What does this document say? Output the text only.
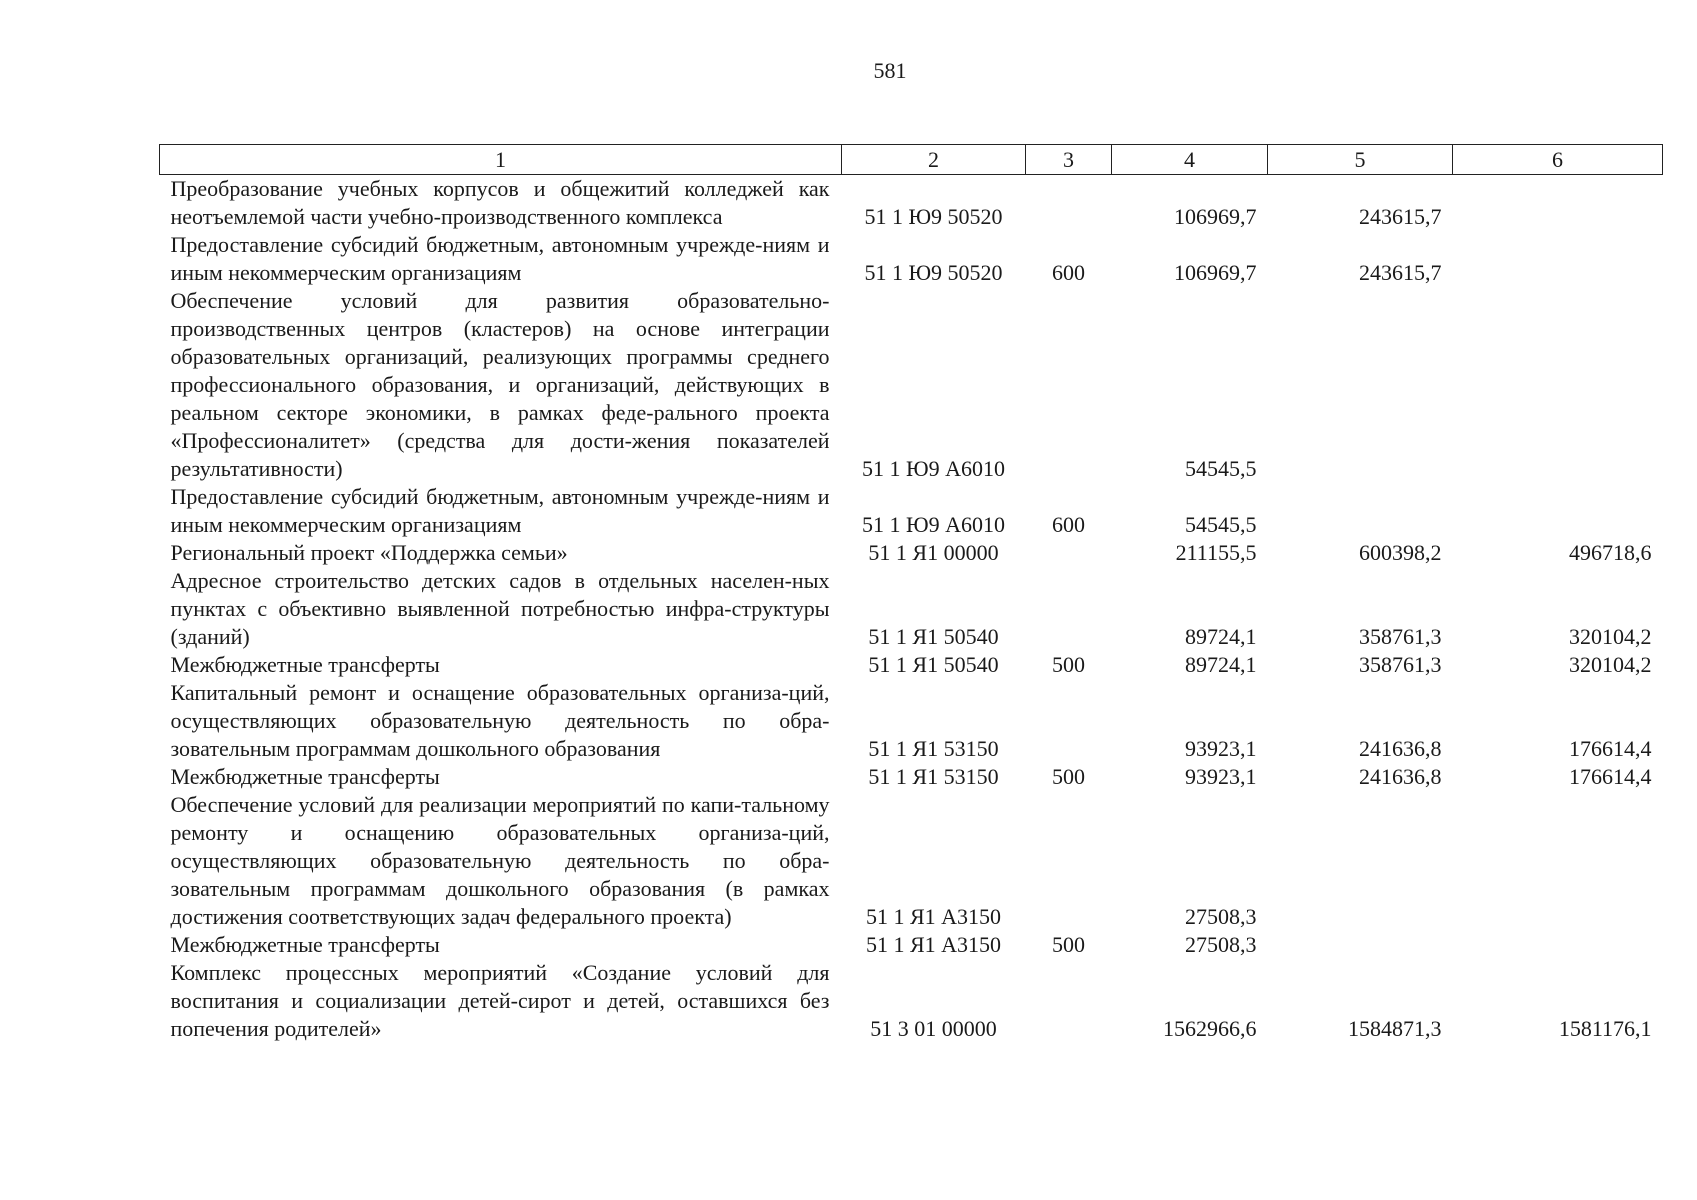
581
1	2	3	4	5	6
Преобразование учебных корпусов и общежитий колледжей как неотъемлемой части учебно-производственного комплекса	51 1 Ю9 50520		106969,7	243615,7	
Предоставление субсидий бюджетным, автономным учрежде-ниям и иным некоммерческим организациям	51 1 Ю9 50520	600	106969,7	243615,7	
Обеспечение условий для развития образовательно-производственных центров (кластеров) на основе интеграции образовательных организаций, реализующих программы среднего профессионального образования, и организаций, действующих в реальном секторе экономики, в рамках феде-рального проекта «Профессионалитет» (средства для дости-жения показателей результативности)	51 1 Ю9 А6010		54545,5		
Предоставление субсидий бюджетным, автономным учрежде-ниям и иным некоммерческим организациям	51 1 Ю9 А6010	600	54545,5		
Региональный проект «Поддержка семьи»	51 1 Я1 00000		211155,5	600398,2	496718,6
Адресное строительство детских садов в отдельных населен-ных пунктах с объективно выявленной потребностью инфра-структуры (зданий)	51 1 Я1 50540		89724,1	358761,3	320104,2
Межбюджетные трансферты	51 1 Я1 50540	500	89724,1	358761,3	320104,2
Капитальный ремонт и оснащение образовательных организа-ций, осуществляющих образовательную деятельность по обра-зовательным программам дошкольного образования	51 1 Я1 53150		93923,1	241636,8	176614,4
Межбюджетные трансферты	51 1 Я1 53150	500	93923,1	241636,8	176614,4
Обеспечение условий для реализации мероприятий по капи-тальному ремонту и оснащению образовательных организа-ций, осуществляющих образовательную деятельность по обра-зовательным программам дошкольного образования (в рамках достижения соответствующих задач федерального проекта)	51 1 Я1 А3150		27508,3		
Межбюджетные трансферты	51 1 Я1 А3150	500	27508,3		
Комплекс процессных мероприятий «Создание условий для воспитания и социализации детей-сирот и детей, оставшихся без попечения родителей»	51 3 01 00000		1562966,6	1584871,3	1581176,1
